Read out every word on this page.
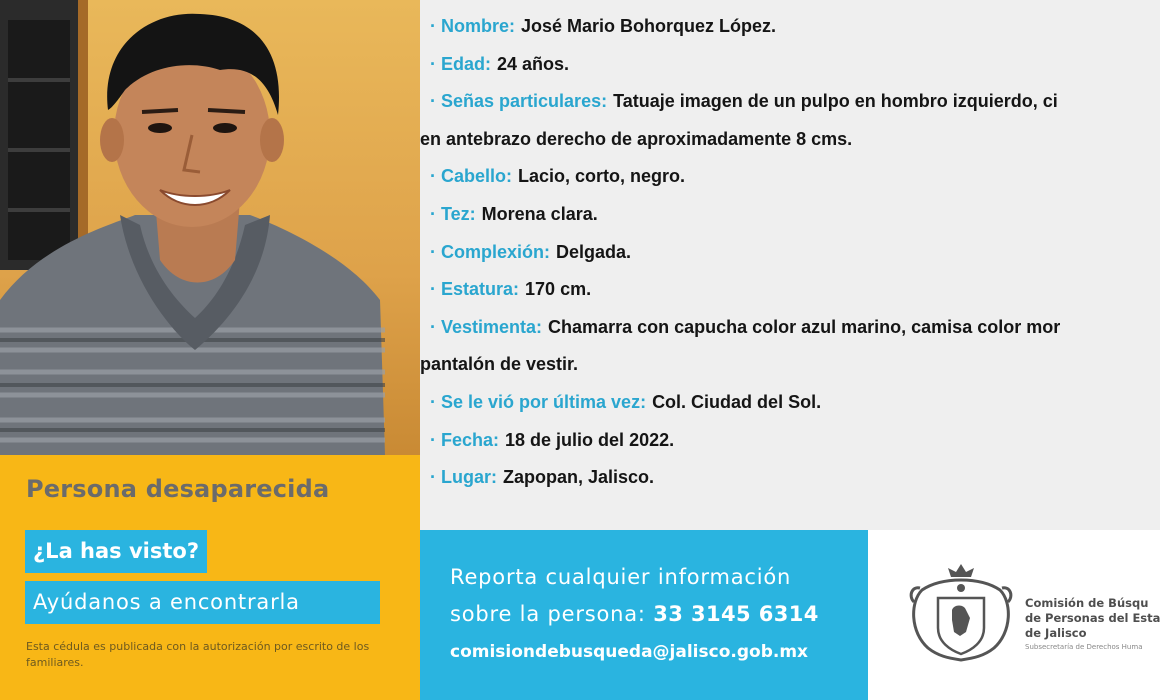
· Nombre: José Mario Bohorquez López.
· Edad: 24 años.
· Señas particulares: Tatuaje imagen de un pulpo en hombro izquierdo, ci
en antebrazo derecho de aproximadamente 8 cms.
· Cabello: Lacio, corto, negro.
· Tez: Morena clara.
· Complexión: Delgada.
· Estatura: 170 cm.
· Vestimenta: Chamarra con capucha color azul marino, camisa color mor
pantalón de vestir.
· Se le vió por última vez: Col. Ciudad del Sol.
· Fecha: 18 de julio del 2022.
· Lugar: Zapopan, Jalisco.
Persona desaparecida
¿La has visto?
Ayúdanos a encontrarla
Esta cédula es publicada con la autorización por escrito de los familiares.
Reporta cualquier información
sobre la persona: 33 3145 6314
comisiondebusqueda@jalisco.gob.mx
Comisión de Búsqu
de Personas del Esta
de Jalisco
Subsecretaría de Derechos Huma
